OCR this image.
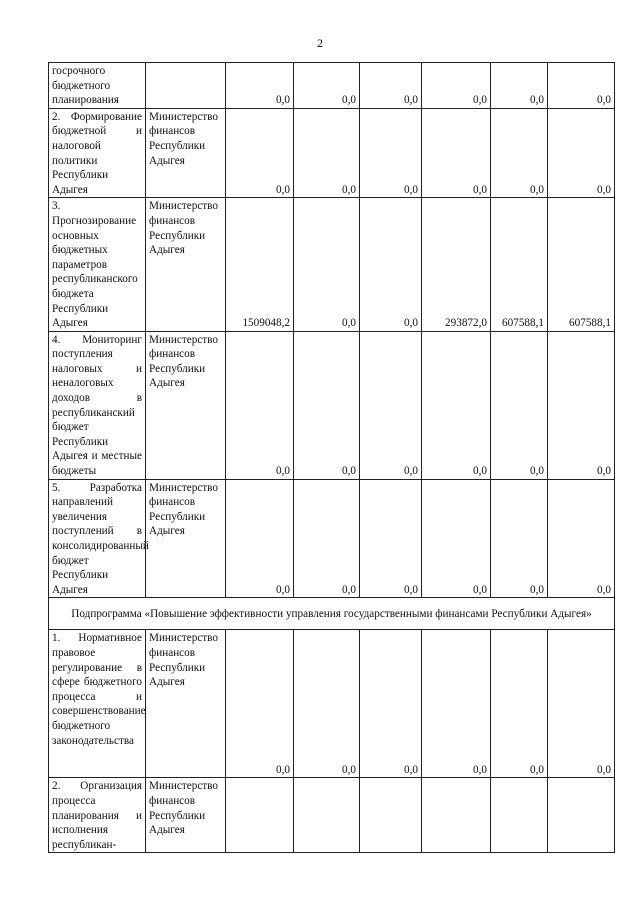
2
госрочного бюджетного планирования		0,0	0,0	0,0	0,0	0,0	0,0

2. Формирование бюджетной и налоговой политики Республики Адыгея	Министерство финансов Республики Адыгея	0,0	0,0	0,0	0,0	0,0	0,0

3. Прогнозирование основных бюджетных параметров республиканского бюджета Республики Адыгея	Министерство финансов Республики Адыгея	1509048,2	0,0	0,0	293872,0	607588,1	607588,1

4. Мониторинг поступления налоговых и неналоговых доходов в республиканский бюджет Республики Адыгея и местные бюджеты	Министерство финансов Республики Адыгея	0,0	0,0	0,0	0,0	0,0	0,0

5. Разработка направлений увеличения поступлений в консолидированный бюджет Республики Адыгея	Министерство финансов Республики Адыгея	0,0	0,0	0,0	0,0	0,0	0,0
Подпрограмма «Повышение эффективности управления государственными финансами Республики Адыгея»							

1. Нормативное правовое регулирование в сфере бюджетного процесса и совершенствование бюджетного законодательства	Министерство финансов Республики Адыгея	0,0	0,0	0,0	0,0	0,0	0,0

2. Организация процесса планирования и исполнения республикан-	Министерство финансов Республики Адыгея						
